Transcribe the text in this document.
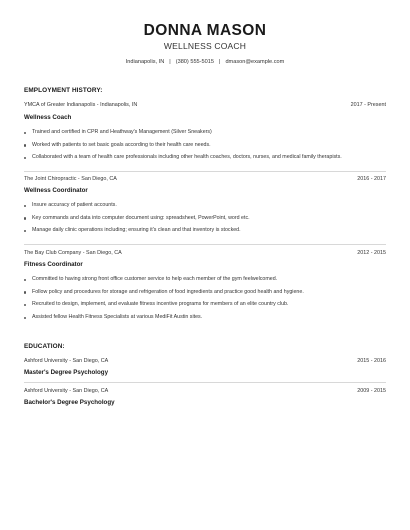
DONNA MASON
WELLNESS COACH
Indianapolis, IN | (380) 555-5015 | dmason@example.com
EMPLOYMENT HISTORY:
YMCA of Greater Indianapolis - Indianapolis, IN	2017 - Present
Wellness Coach
Trained and certified in CPR and Heathway's Management (Silver Sneakers)
Worked with patients to set basic goals according to their health care needs.
Collaborated with a team of health care professionals including other health coaches, doctors, nurses, and medical family therapists.
The Joint Chiropractic - San Diego, CA	2016 - 2017
Wellness Coordinator
Insure accuracy of patient accounts.
Key commands and data into computer document using: spreadsheet, PowerPoint, word etc.
Manage daily clinic operations including; ensuring it's clean and that inventory is stocked.
The Bay Club Company - San Diego, CA	2012 - 2015
Fitness Coordinator
Committed to having strong front office customer service to help each member of the gym feelwelcomed.
Follow policy and procedures for storage and refrigeration of food ingredients and practice good health and hygiene.
Recruited to design, implement, and evaluate fitness incentive programs for members of an elite country club.
Assisted fellow Health Fitness Specialists at various MediFit Austin sites.
EDUCATION:
Ashford University - San Diego, CA	2015 - 2016
Master's Degree Psychology
Ashford University - San Diego, CA	2009 - 2015
Bachelor's Degree Psychology
